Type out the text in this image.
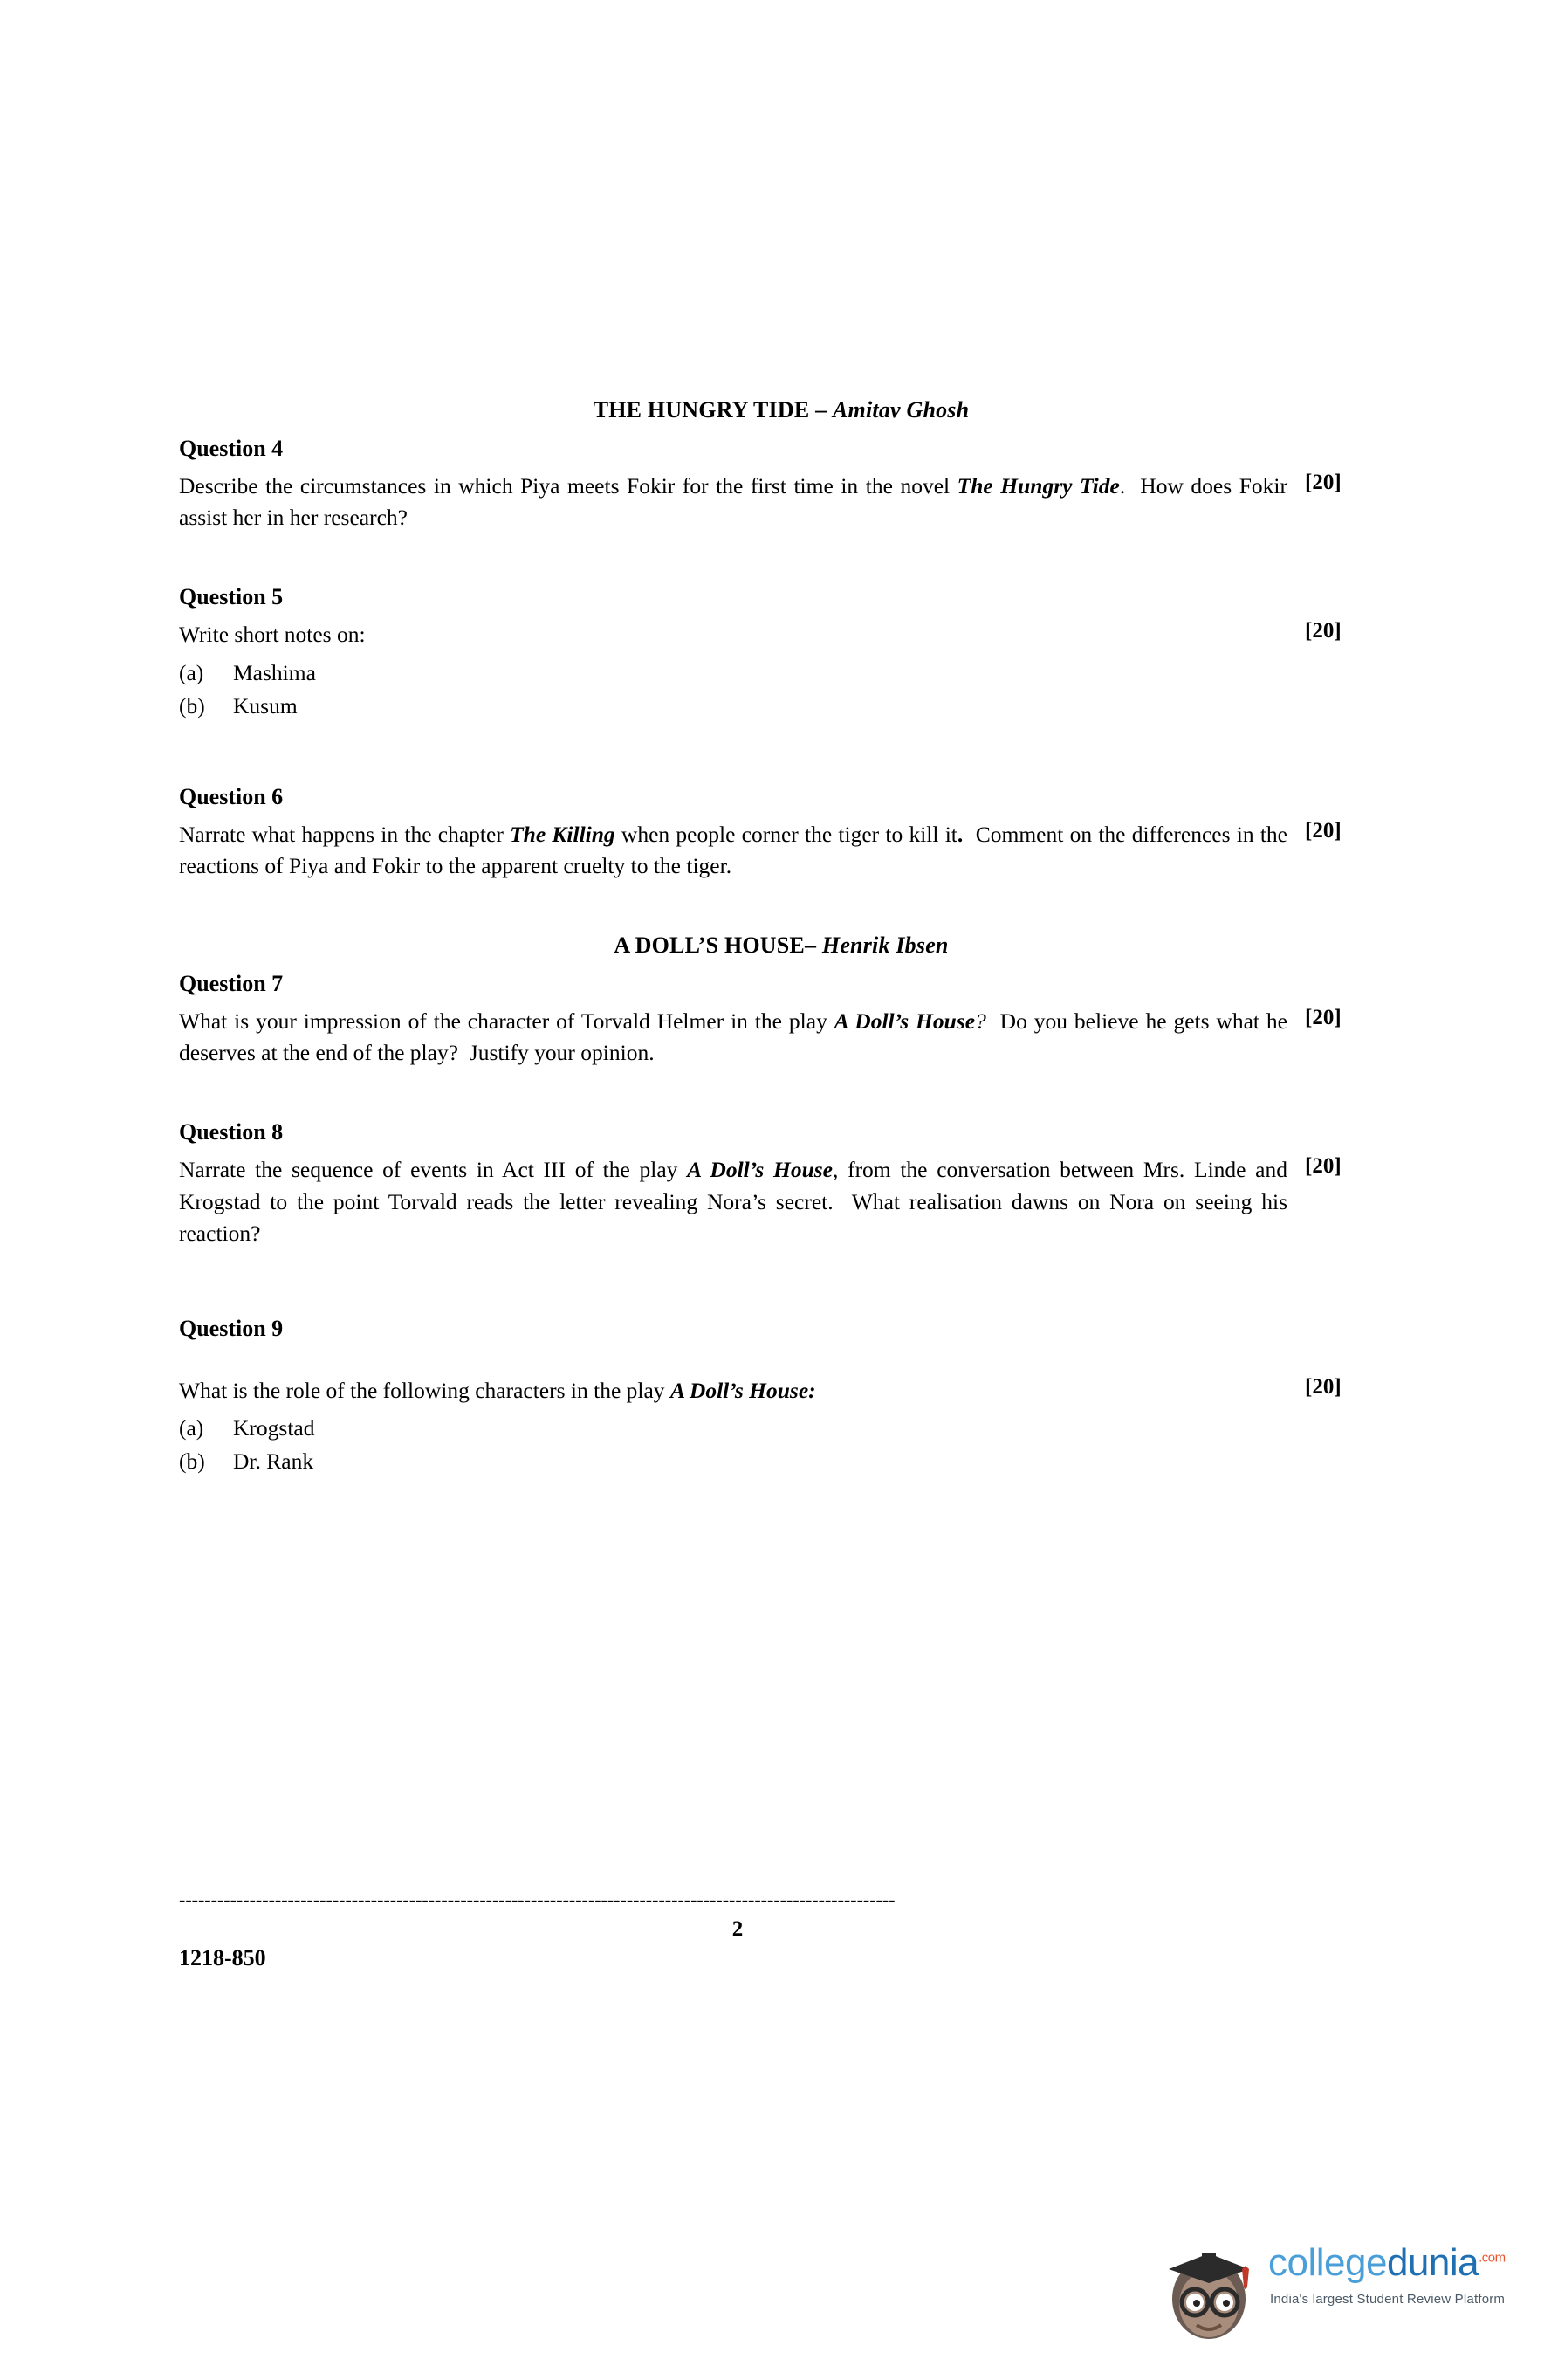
THE HUNGRY TIDE – Amitav Ghosh
Question 4

Describe the circumstances in which Piya meets Fokir for the first time in the novel The Hungry Tide.  How does Fokir assist her in her research?

[20]
Question 5

Write short notes on:	[20]
(a) Mashima
(b) Kusum
Question 6

Narrate what happens in the chapter The Killing when people corner the tiger to kill it.  Comment on the differences in the reactions of Piya and Fokir to the apparent cruelty to the tiger.

[20]
A DOLL’S HOUSE– Henrik Ibsen
Question 7

What is your impression of the character of Torvald Helmer in the play A Doll’s House?  Do you believe he gets what he deserves at the end of the play?  Justify your opinion.

[20]
Question 8

Narrate the sequence of events in Act III of the play A Doll’s House, from the conversation between Mrs. Linde and Krogstad to the point Torvald reads the letter revealing Nora’s secret.  What realisation dawns on Nora on seeing his reaction?

[20]
Question 9

What is the role of the following characters in the play A Doll’s House:	[20]
(a) Krogstad
(b) Dr. Rank
----------------------------------------------------------------------------------------------------------------
2
1218-850
collegedunia$^{.com}$
India's largest Student Review Platform
